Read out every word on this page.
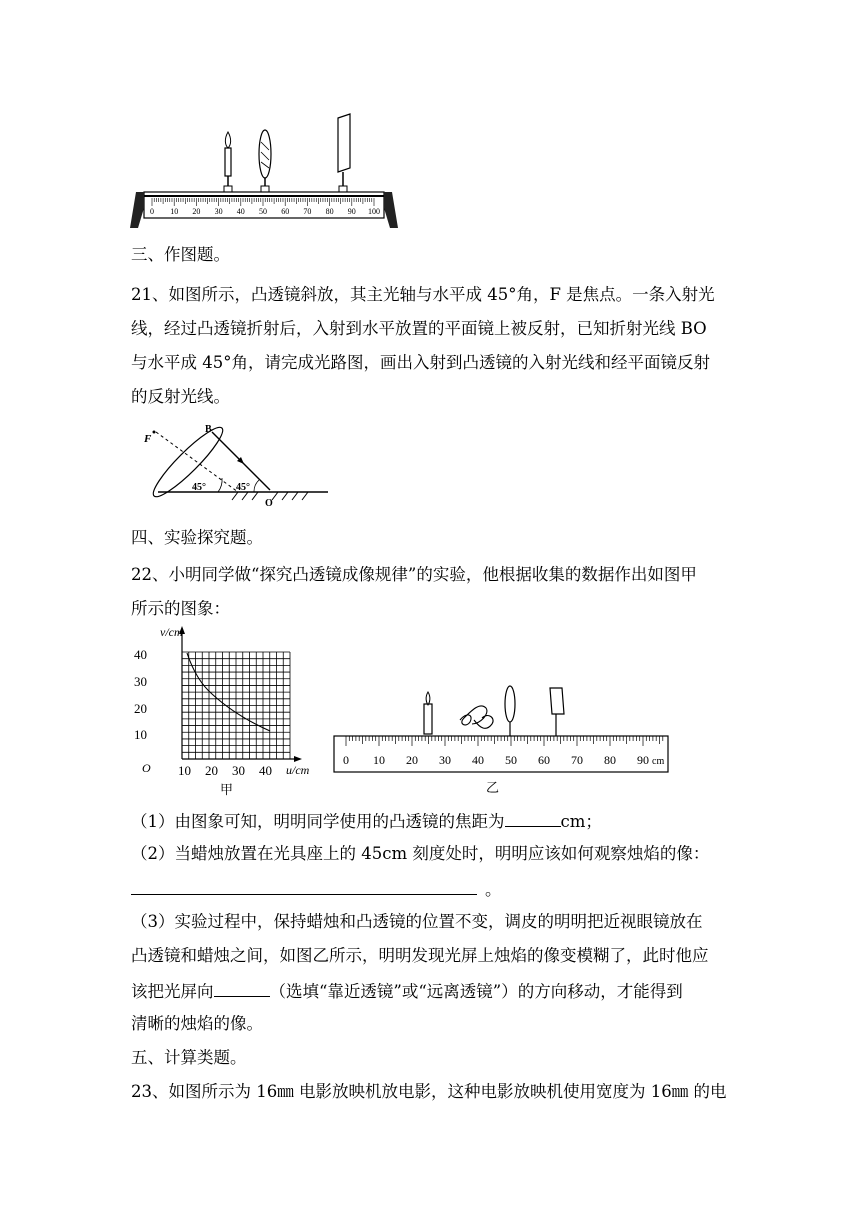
0 10 20 30 40 50 60 70 80 90 100
三、作图题。
21、如图所示，凸透镜斜放，其主光轴与水平成 45°角，F 是焦点。一条入射光
线，经过凸透镜折射后，入射到水平放置的平面镜上被反射，已知折射光线 BO
与水平成 45°角，请完成光路图，画出入射到凸透镜的入射光线和经平面镜反射
的反射光线。
F
B
O
45°	45°
四、实验探究题。
22、小明同学做“探究凸透镜成像规律”的实验，他根据收集的数据作出如图甲
所示的图象：
v/cm
u/cm
O
40
30
20
10
10 20 30 40
甲
0 10 20 30 40 50 60 70 80 90 cm
乙
（1）由图象可知，明明同学使用的凸透镜的焦距为	cm；
（2）当蜡烛放置在光具座上的 45cm 刻度处时，明明应该如何观察烛焰的像：
。
（3）实验过程中，保持蜡烛和凸透镜的位置不变，调皮的明明把近视眼镜放在
凸透镜和蜡烛之间，如图乙所示，明明发现光屏上烛焰的像变模糊了，此时他应
该把光屏向	（选填“靠近透镜”或“远离透镜”）的方向移动，才能得到
清晰的烛焰的像。
五、计算类题。
23、如图所示为 16㎜ 电影放映机放电影，这种电影放映机使用宽度为 16㎜ 的电
